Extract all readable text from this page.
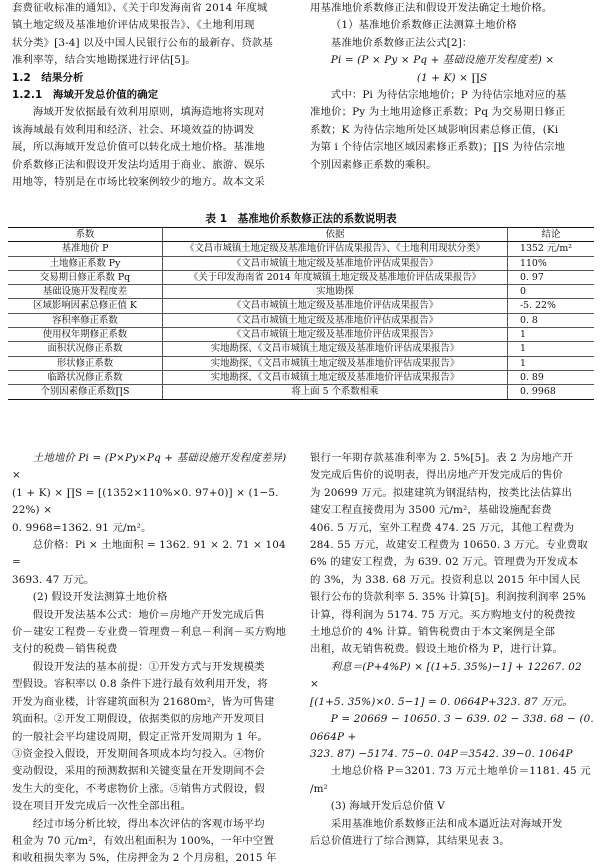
套费征收标准的通知》、《关于印发海南省 2014 年度城

镇土地定级及基准地价评估成果报告》、《土地利用现

状分类》[3-4] 以及中国人民银行公布的最新存、贷款基

准利率等，结合实地勘探进行评估[5]。

1.2　结果分析

1.2.1　海域开发总价值的确定

海域开发依据最有效利用原则，填海造地将实现对

该海域最有效利用和经济、社会、环境效益的协调发

展，所以海域开发总价值可以转化成土地价格。基准地

价系数修正法和假设开发法均适用于商业、旅游、娱乐

用地等，特别是在市场比较案例较少的地方。故本文采

用基准地价系数修正法和假设开发法确定土地价格。

（1）基准地价系数修正法测算土地价格

基准地价系数修正法公式[2]：

Pi = (P × Py × Pq + 基础设施开发程度差) ×

(1 + K) × ∏S

式中：Pi 为待估宗地地价；P 为待估宗地对应的基

准地价；Py 为土地用途修正系数；Pq 为交易期日修正

系数；K 为待估宗地所处区域影响因素总修正值，(Ki

为第 i 个待估宗地区域因素修正系数)；∏S 为待估宗地

个别因素修正系数的乘积。

表 1　基准地价系数修正法的系数说明表
系数	依据	结论
基准地价 P	《文昌市城镇土地定级及基准地价评估成果报告》、《土地利用现状分类》	1352 元/m²
土地修正系数 Py	《文昌市城镇土地定级及基准地价评估成果报告》	110%
交易期日修正系数 Pq	《关于印发海南省 2014 年度城镇土地定级及基准地价评估成果报告》	0. 97
基础设施开发程度差	实地勘探	0
区域影响因素总修正值 K	《文昌市城镇土地定级及基准地价评估成果报告》	-5. 22%
容积率修正系数	《文昌市城镇土地定级及基准地价评估成果报告》	0. 8
使用权年期修正系数	《文昌市城镇土地定级及基准地价评估成果报告》	1
面积状况修正系数	实地勘探、《文昌市城镇土地定级及基准地价评估成果报告》	1
形状修正系数	实地勘探、《文昌市城镇土地定级及基准地价评估成果报告》	1
临路状况修正系数	实地勘探、《文昌市城镇土地定级及基准地价评估成果报告》	0. 89
个别因素修正系数∏S	将上面 5 个系数相乘	0. 9968

土地地价 Pi = (P×Py×Pq + 基础设施开发程度差异) ×

(1 + K) × ∏S = [(1352×110%×0. 97+0)] × (1−5. 22%) ×

0. 9968=1362. 91 元/m²。

总价格：Pi × 土地面积 = 1362. 91 × 2. 71 × 104 =

3693. 47 万元。

(2) 假设开发法测算土地价格

假设开发法基本公式：地价＝房地产开发完成后售

价－建安工程费－专业费－管理费－利息－利润－买方购地

支付的税费－销售税费

假设开发法的基本前提：①开发方式与开发规模类

型假设。容积率以 0.8 条件下进行最有效利用开发，将

开发为商业楼，计容建筑面积为 21680m²，皆为可售建

筑面积。②开发工期假设，依据类似的房地产开发项目

的一般社会平均建设周期，假定正常开发周期为 1 年。

③资金投入假设，开发期间各项成本均匀投入。④物价

变动假设，采用的预测数据和关键变量在开发期间不会

发生大的变化，不考虑物价上涨。⑤销售方式假设，假

设在项目开发完成后一次性全部出租。

经过市场分析比较，得出本次评估的客观市场平均

租金为 70 元/m²，有效出租面积为 100%，一年中空置

和收租损失率为 5%，住房押金为 2 个月房租，2015 年

银行一年期存款基准利率为 2. 5%[5]。表 2 为房地产开

发完成后售价的说明表，得出房地产开发完成后的售价

为 20699 万元。拟建建筑为钢混结构，按类比法估算出

建安工程直接费用为 3500 元/m²，基础设施配套费

406. 5 万元，室外工程费 474. 25 万元，其他工程费为

284. 55 万元，故建安工程费为 10650. 3 万元。专业费取

6% 的建安工程费，为 639. 02 万元。管理费为开发成本

的 3%，为 338. 68 万元。投资利息以 2015 年中国人民

银行公布的贷款利率 5. 35% 计算[5]。利润按利润率 25%

计算，得利润为 5174. 75 万元。买方购地支付的税费按

土地总价的 4% 计算。销售税费由于本文案例是全部

出租，故无销售税费。假设土地价格为 P，进行计算。

利息＝(P+4%P) × [(1+5. 35%)−1] + 12267. 02 ×

[(1+5. 35%)×0. 5−1] = 0. 0664P+323. 87 万元。

P = 20669 − 10650. 3 − 639. 02 − 338. 68 − (0. 0664P +

323. 87) −5174. 75−0. 04P＝3542. 39−0. 1064P

土地总价格 P＝3201. 73 万元土地单价＝1181. 45 元

/m²

(3) 海域开发后总价值 V

采用基准地价系数修正法和成本逼近法对海域开发

后总价值进行了综合测算，其结果见表 3。
